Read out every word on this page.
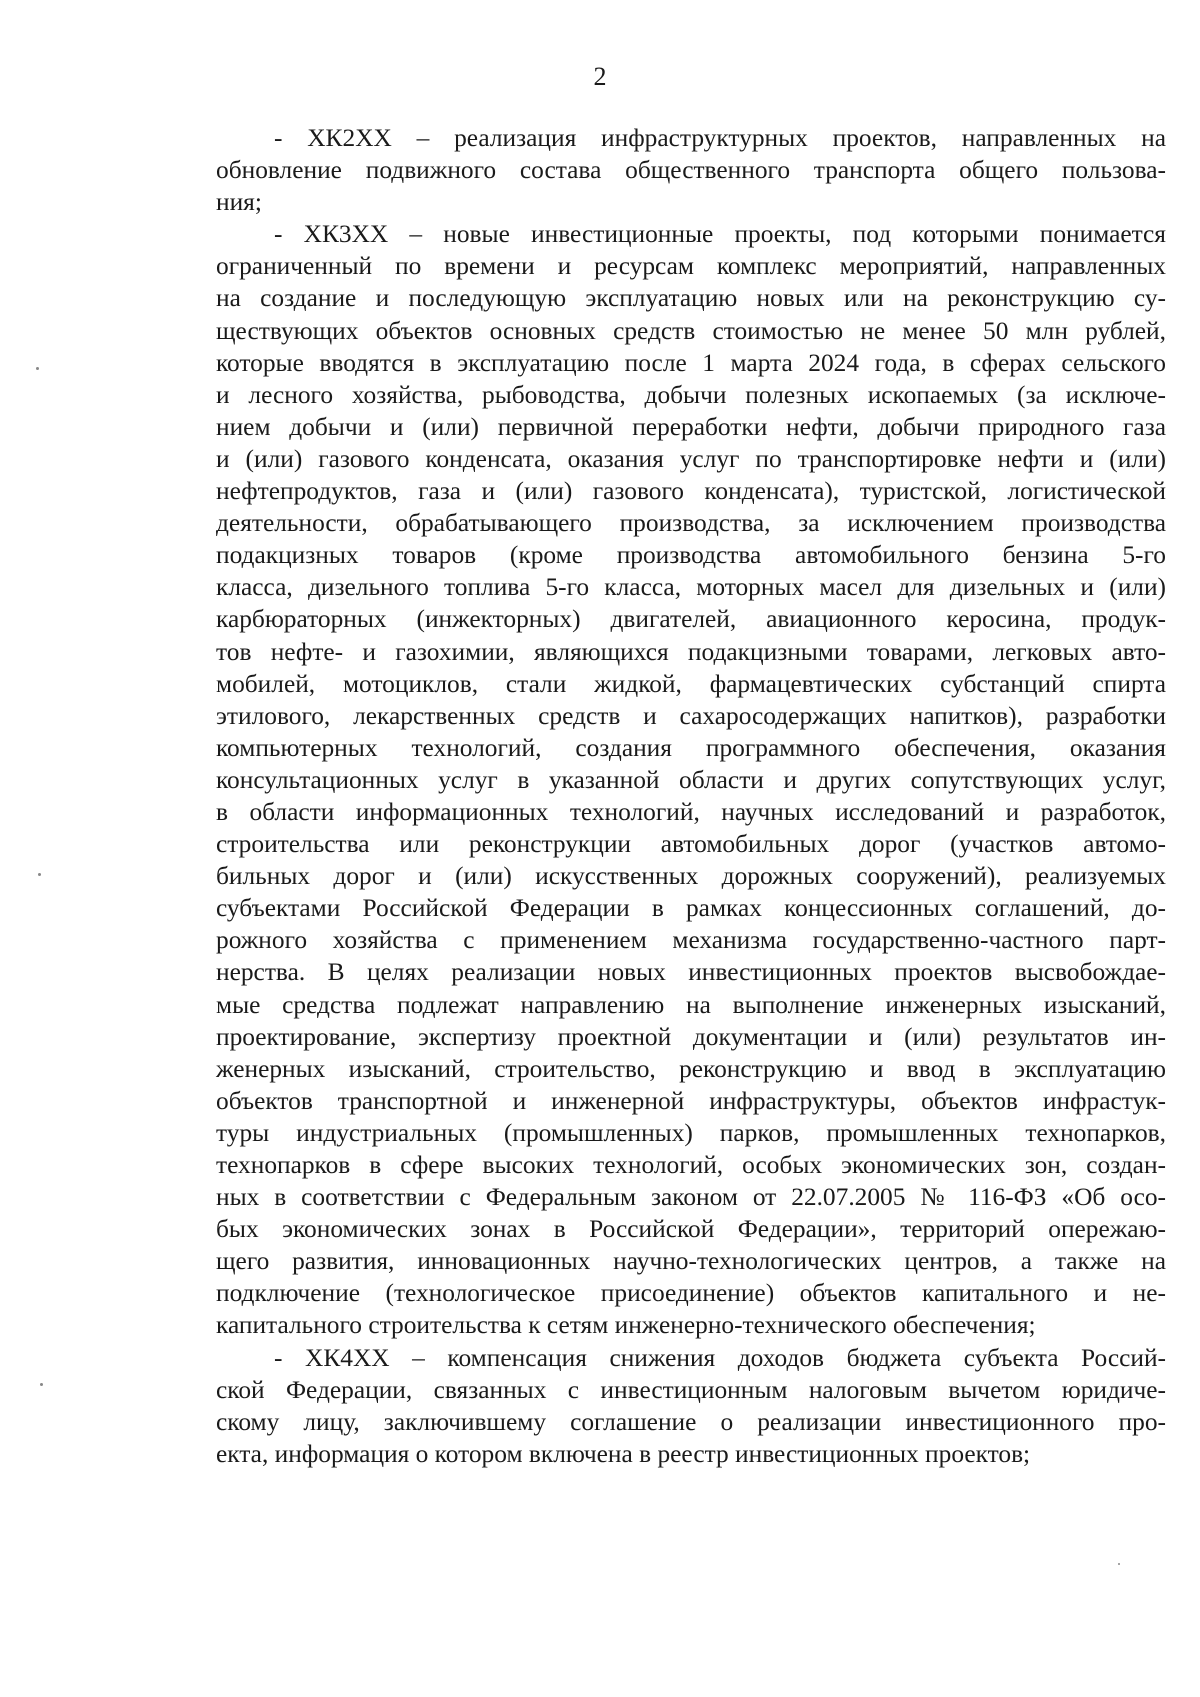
2
- ХК2ХХ – реализация инфраструктурных проектов, направленных на
обновление подвижного состава общественного транспорта общего пользова-
ния;
- ХК3ХХ – новые инвестиционные проекты, под которыми понимается
ограниченный по времени и ресурсам комплекс мероприятий, направленных
на создание и последующую эксплуатацию новых или на реконструкцию су-
ществующих объектов основных средств стоимостью не менее 50 млн рублей,
которые вводятся в эксплуатацию после 1 марта 2024 года, в сферах сельского
и лесного хозяйства, рыбоводства, добычи полезных ископаемых (за исключе-
нием добычи и (или) первичной переработки нефти, добычи природного газа
и (или) газового конденсата, оказания услуг по транспортировке нефти и (или)
нефтепродуктов, газа и (или) газового конденсата), туристской, логистической
деятельности, обрабатывающего производства, за исключением производства
подакцизных товаров (кроме производства автомобильного бензина 5-го
класса, дизельного топлива 5-го класса, моторных масел для дизельных и (или)
карбюраторных (инжекторных) двигателей, авиационного керосина, продук-
тов нефте- и газохимии, являющихся подакцизными товарами, легковых авто-
мобилей, мотоциклов, стали жидкой, фармацевтических субстанций спирта
этилового, лекарственных средств и сахаросодержащих напитков), разработки
компьютерных технологий, создания программного обеспечения, оказания
консультационных услуг в указанной области и других сопутствующих услуг,
в области информационных технологий, научных исследований и разработок,
строительства или реконструкции автомобильных дорог (участков автомо-
бильных дорог и (или) искусственных дорожных сооружений), реализуемых
субъектами Российской Федерации в рамках концессионных соглашений, до-
рожного хозяйства с применением механизма государственно-частного парт-
нерства. В целях реализации новых инвестиционных проектов высвобождае-
мые средства подлежат направлению на выполнение инженерных изысканий,
проектирование, экспертизу проектной документации и (или) результатов ин-
женерных изысканий, строительство, реконструкцию и ввод в эксплуатацию
объектов транспортной и инженерной инфраструктуры, объектов инфрастук-
туры индустриальных (промышленных) парков, промышленных технопарков,
технопарков в сфере высоких технологий, особых экономических зон, создан-
ных в соответствии с Федеральным законом от 22.07.2005 № 116-ФЗ «Об осо-
бых экономических зонах в Российской Федерации», территорий опережаю-
щего развития, инновационных научно-технологических центров, а также на
подключение (технологическое присоединение) объектов капитального и не-
капитального строительства к сетям инженерно-технического обеспечения;
- ХК4ХХ – компенсация снижения доходов бюджета субъекта Россий-
ской Федерации, связанных с инвестиционным налоговым вычетом юридиче-
скому лицу, заключившему соглашение о реализации инвестиционного про-
екта, информация о котором включена в реестр инвестиционных проектов;
